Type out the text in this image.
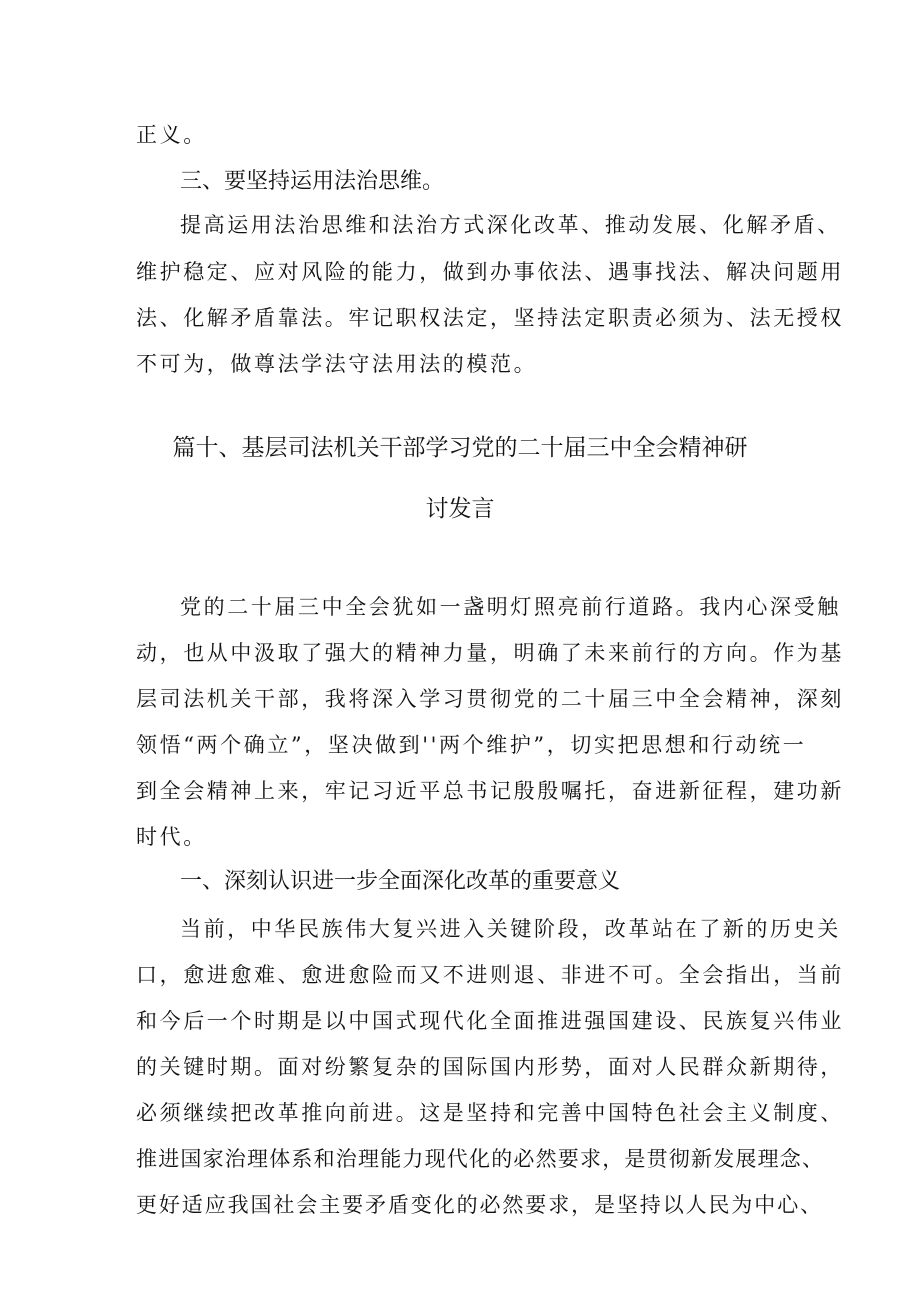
正义。
三、要坚持运用法治思维。
提高运用法治思维和法治方式深化改革、推动发展、化解矛盾、
维护稳定、应对风险的能力，做到办事依法、遇事找法、解决问题用
法、化解矛盾靠法。牢记职权法定，坚持法定职责必须为、法无授权
不可为，做尊法学法守法用法的模范。
篇十、基层司法机关干部学习党的二十届三中全会精神研
讨发言
党的二十届三中全会犹如一盏明灯照亮前行道路。我内心深受触
动，也从中汲取了强大的精神力量，明确了未来前行的方向。作为基
层司法机关干部，我将深入学习贯彻党的二十届三中全会精神，深刻
领悟“两个确立”，坚决做到''两个维护”，切实把思想和行动统一
到全会精神上来，牢记习近平总书记殷殷嘱托，奋进新征程，建功新
时代。
一、深刻认识进一步全面深化改革的重要意义
当前，中华民族伟大复兴进入关键阶段，改革站在了新的历史关
口，愈进愈难、愈进愈险而又不进则退、非进不可。全会指出，当前
和今后一个时期是以中国式现代化全面推进强国建设、民族复兴伟业
的关键时期。面对纷繁复杂的国际国内形势，面对人民群众新期待，
必须继续把改革推向前进。这是坚持和完善中国特色社会主义制度、
推进国家治理体系和治理能力现代化的必然要求，是贯彻新发展理念、
更好适应我国社会主要矛盾变化的必然要求，是坚持以人民为中心、
